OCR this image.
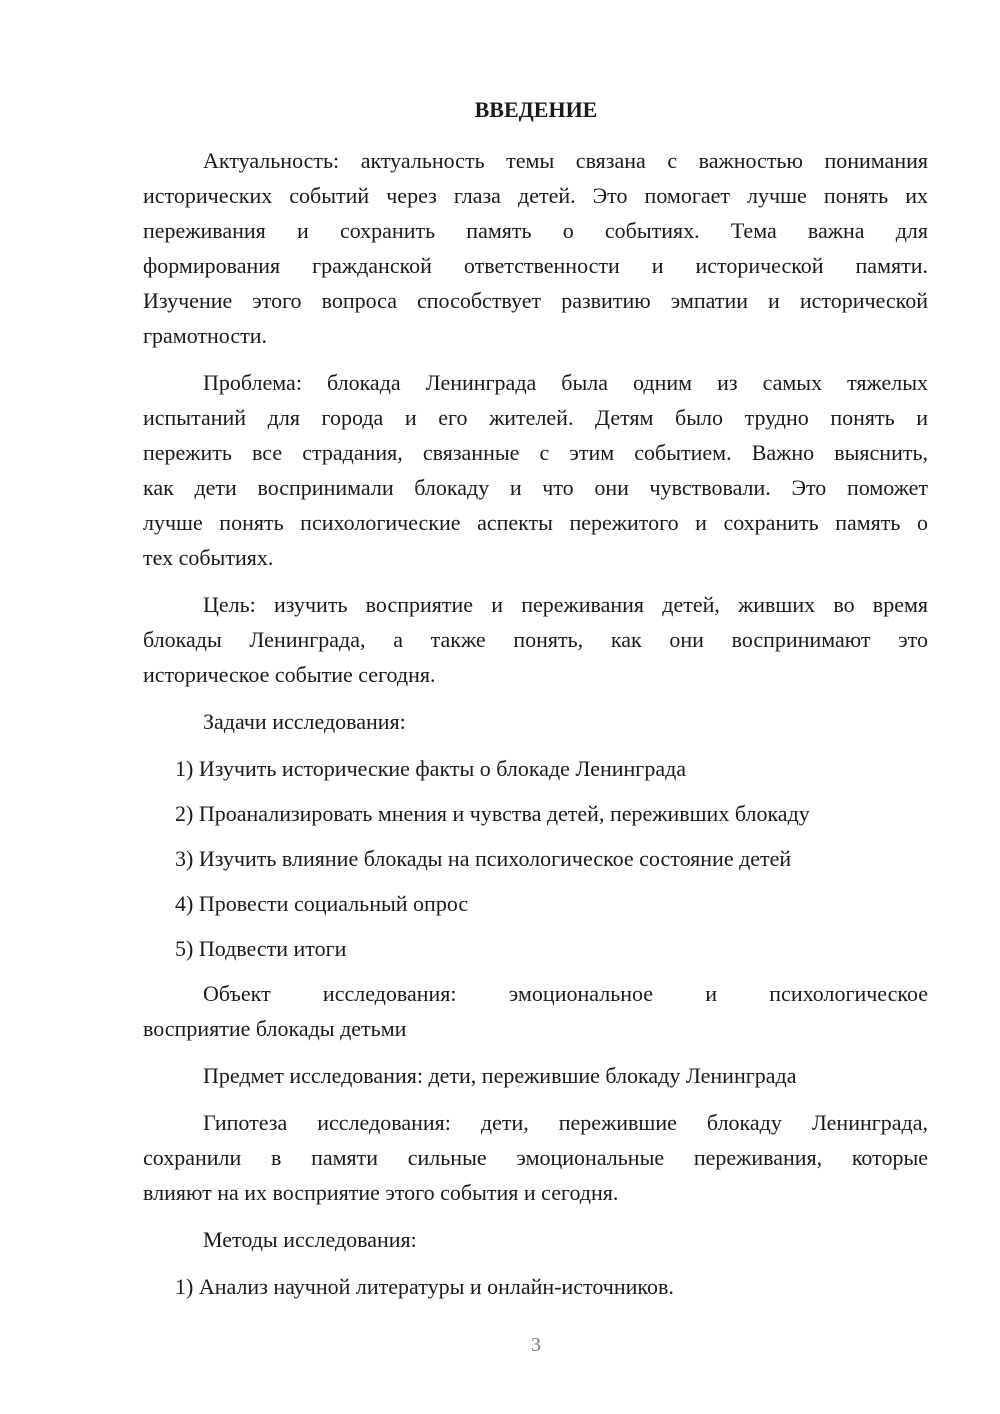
ВВЕДЕНИЕ
Актуальность: актуальность темы связана с важностью понимания
исторических событий через глаза детей. Это помогает лучше понять их
переживания и сохранить память о событиях. Тема важна для
формирования гражданской ответственности и исторической памяти.
Изучение этого вопроса способствует развитию эмпатии и исторической
грамотности.
Проблема: блокада Ленинграда была одним из самых тяжелых
испытаний для города и его жителей. Детям было трудно понять и
пережить все страдания, связанные с этим событием. Важно выяснить,
как дети воспринимали блокаду и что они чувствовали. Это поможет
лучше понять психологические аспекты пережитого и сохранить память о
тех событиях.
Цель: изучить восприятие и переживания детей, живших во время
блокады Ленинграда, а также понять, как они воспринимают это
историческое событие сегодня.
Задачи исследования:
1) Изучить исторические факты о блокаде Ленинграда
2) Проанализировать мнения и чувства детей, переживших блокаду
3) Изучить влияние блокады на психологическое состояние детей
4) Провести социальный опрос
5) Подвести итоги
Объект исследования: эмоциональное и психологическое
восприятие блокады детьми
Предмет исследования: дети, пережившие блокаду Ленинграда
Гипотеза исследования: дети, пережившие блокаду Ленинграда,
сохранили в памяти сильные эмоциональные переживания, которые
влияют на их восприятие этого события и сегодня.
Методы исследования:
1) Анализ научной литературы и онлайн-источников.
3
